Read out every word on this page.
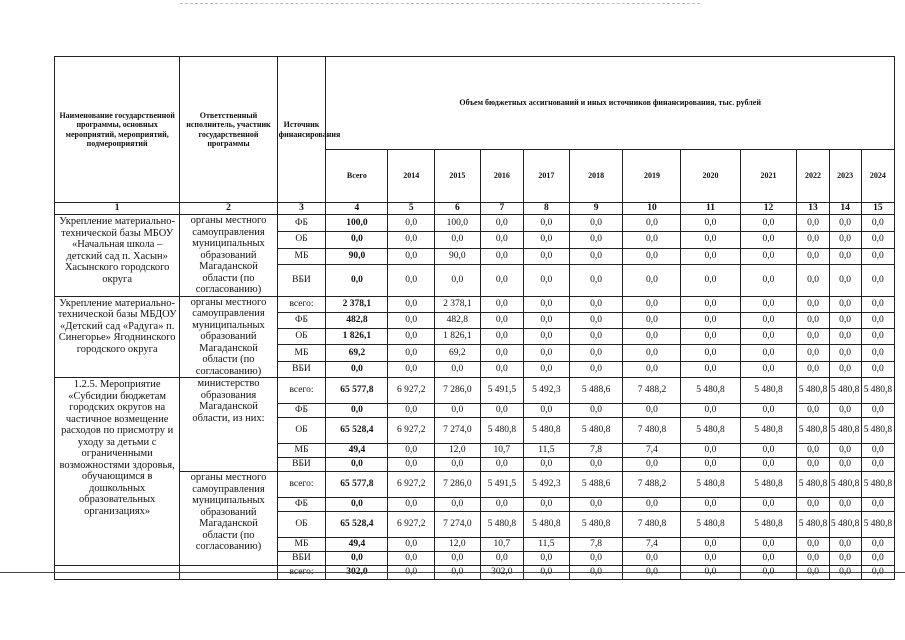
Наименование государственной программы, основных мероприятий, мероприятий, подмероприятий	Ответственный исполнитель, участник государственной программы	Источник финансирования	Объем бюджетных ассигнований и иных источников финансирования, тыс. рублей											
			Всего	2014	2015	2016	2017	2018	2019	2020	2021	2022	2023	2024
1	2	3	4	5	6	7	8	9	10	11	12	13	14	15
Укрепление материально-технической базы МБОУ «Начальная школа – детский сад п. Хасын» Хасынского городского округа	органы местного самоуправления муниципальных образований Магаданской области (по согласованию)	ФБ	100,0	0,0	100,0	0,0	0,0	0,0	0,0	0,0	0,0	0,0	0,0	0,0
		ОБ	0,0	0,0	0,0	0,0	0,0	0,0	0,0	0,0	0,0	0,0	0,0	0,0
		МБ	90,0	0,0	90,0	0,0	0,0	0,0	0,0	0,0	0,0	0,0	0,0	0,0
		ВБИ	0,0	0,0	0,0	0,0	0,0	0,0	0,0	0,0	0,0	0,0	0,0	0,0
Укрепление материально-технической базы МБДОУ «Детский сад «Радуга» п. Синегорье» Ягоднинского городского округа	органы местного самоуправления муниципальных образований Магаданской области (по согласованию)	всего:	2 378,1	0,0	2 378,1	0,0	0,0	0,0	0,0	0,0	0,0	0,0	0,0	0,0
		ФБ	482,8	0,0	482,8	0,0	0,0	0,0	0,0	0,0	0,0	0,0	0,0	0,0
		ОБ	1 826,1	0,0	1 826,1	0,0	0,0	0,0	0,0	0,0	0,0	0,0	0,0	0,0
		МБ	69,2	0,0	69,2	0,0	0,0	0,0	0,0	0,0	0,0	0,0	0,0	0,0
		ВБИ	0,0	0,0	0,0	0,0	0,0	0,0	0,0	0,0	0,0	0,0	0,0	0,0
1.2.5. Мероприятие «Субсидии бюджетам городских округов на частичное возмещение расходов по присмотру и уходу за детьми с ограниченными возможностями здоровья, обучающимся в дошкольных образовательных организациях»	министерство образования Магаданской области, из них:	всего:	65 577,8	6 927,2	7 286,0	5 491,5	5 492,3	5 488,6	7 488,2	5 480,8	5 480,8	5 480,8	5 480,8	5 480,8
		ФБ	0,0	0,0	0,0	0,0	0,0	0,0	0,0	0,0	0,0	0,0	0,0	0,0
		ОБ	65 528,4	6 927,2	7 274,0	5 480,8	5 480,8	5 480,8	7 480,8	5 480,8	5 480,8	5 480,8	5 480,8	5 480,8
		МБ	49,4	0,0	12,0	10,7	11,5	7,8	7,4	0,0	0,0	0,0	0,0	0,0
		ВБИ	0,0	0,0	0,0	0,0	0,0	0,0	0,0	0,0	0,0	0,0	0,0	0,0
	органы местного самоуправления муниципальных образований Магаданской области (по согласованию)	всего:	65 577,8	6 927,2	7 286,0	5 491,5	5 492,3	5 488,6	7 488,2	5 480,8	5 480,8	5 480,8	5 480,8	5 480,8
		ФБ	0,0	0,0	0,0	0,0	0,0	0,0	0,0	0,0	0,0	0,0	0,0	0,0
		ОБ	65 528,4	6 927,2	7 274,0	5 480,8	5 480,8	5 480,8	7 480,8	5 480,8	5 480,8	5 480,8	5 480,8	5 480,8
		МБ	49,4	0,0	12,0	10,7	11,5	7,8	7,4	0,0	0,0	0,0	0,0	0,0
		ВБИ	0,0	0,0	0,0	0,0	0,0	0,0	0,0	0,0	0,0	0,0	0,0	0,0
		всего:	302,0	0,0	0,0	302,0	0,0	0,0	0,0	0,0	0,0	0,0	0,0	0,0
